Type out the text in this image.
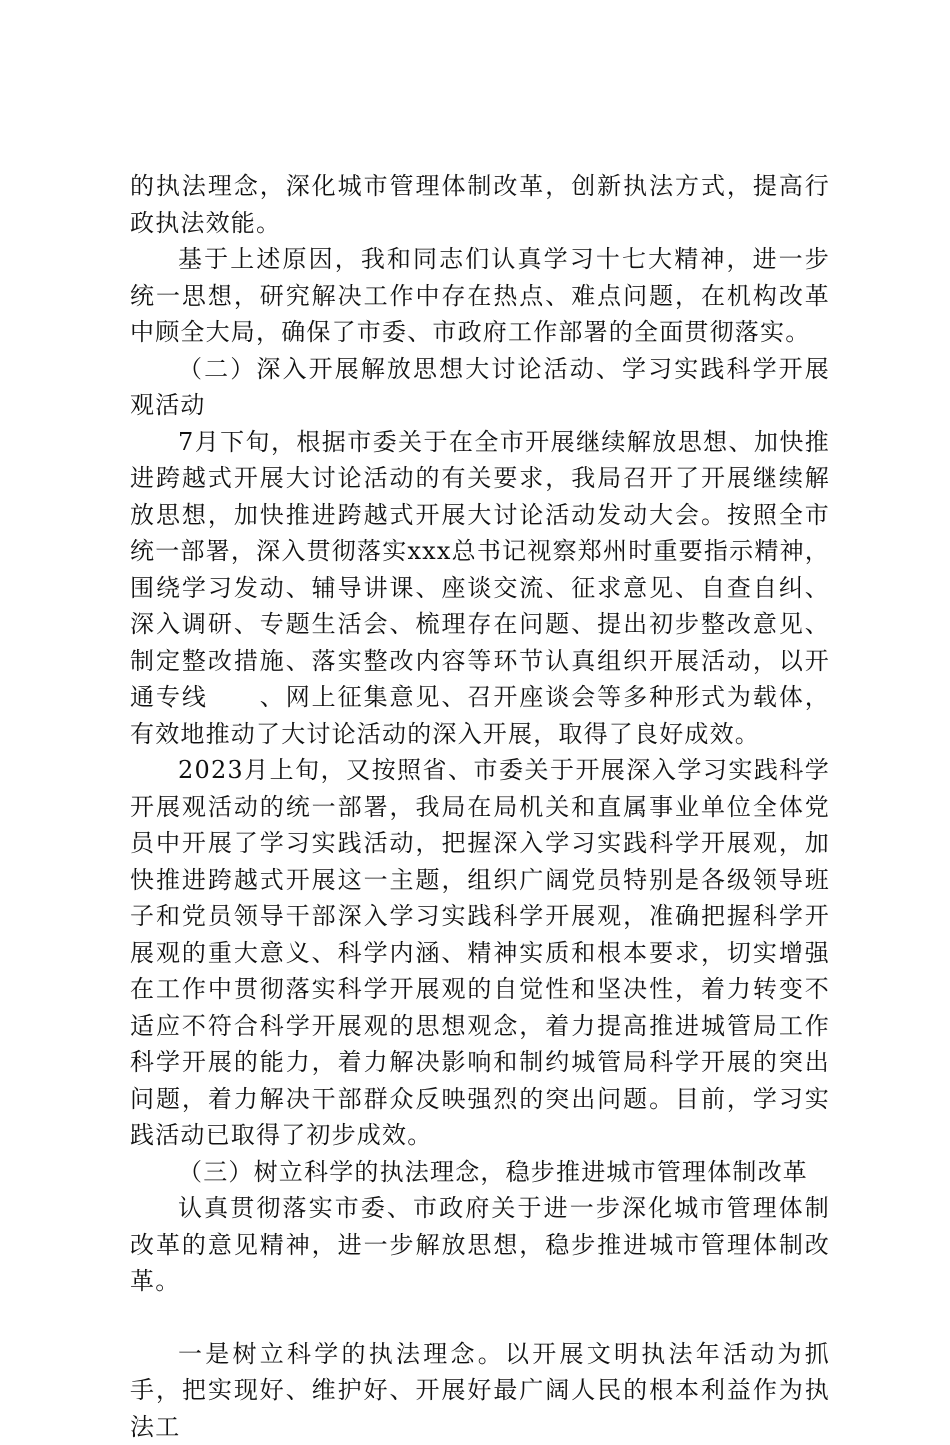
的执法理念，深化城市管理体制改革，创新执法方式，提高行政执法效能。

基于上述原因，我和同志们认真学习十七大精神，进一步统一思想，研究解决工作中存在热点、难点问题，在机构改革中顾全大局，确保了市委、市政府工作部署的全面贯彻落实。

（二）深入开展解放思想大讨论活动、学习实践科学开展观活动

7月下旬，根据市委关于在全市开展继续解放思想、加快推进跨越式开展大讨论活动的有关要求，我局召开了开展继续解放思想，加快推进跨越式开展大讨论活动发动大会。按照全市统一部署，深入贯彻落实xxx总书记视察郑州时重要指示精神，围绕学习发动、辅导讲课、座谈交流、征求意见、自查自纠、深入调研、专题生活会、梳理存在问题、提出初步整改意见、制定整改措施、落实整改内容等环节认真组织开展活动，以开通专线　　、网上征集意见、召开座谈会等多种形式为载体，有效地推动了大讨论活动的深入开展，取得了良好成效。

2023月上旬，又按照省、市委关于开展深入学习实践科学开展观活动的统一部署，我局在局机关和直属事业单位全体党员中开展了学习实践活动，把握深入学习实践科学开展观，加快推进跨越式开展这一主题，组织广阔党员特别是各级领导班子和党员领导干部深入学习实践科学开展观，准确把握科学开展观的重大意义、科学内涵、精神实质和根本要求，切实增强在工作中贯彻落实科学开展观的自觉性和坚决性，着力转变不适应不符合科学开展观的思想观念，着力提高推进城管局工作科学开展的能力，着力解决影响和制约城管局科学开展的突出问题，着力解决干部群众反映强烈的突出问题。目前，学习实践活动已取得了初步成效。

（三）树立科学的执法理念，稳步推进城市管理体制改革

认真贯彻落实市委、市政府关于进一步深化城市管理体制改革的意见精神，进一步解放思想，稳步推进城市管理体制改革。

一是树立科学的执法理念。以开展文明执法年活动为抓手，把实现好、维护好、开展好最广阔人民的根本利益作为执法工
